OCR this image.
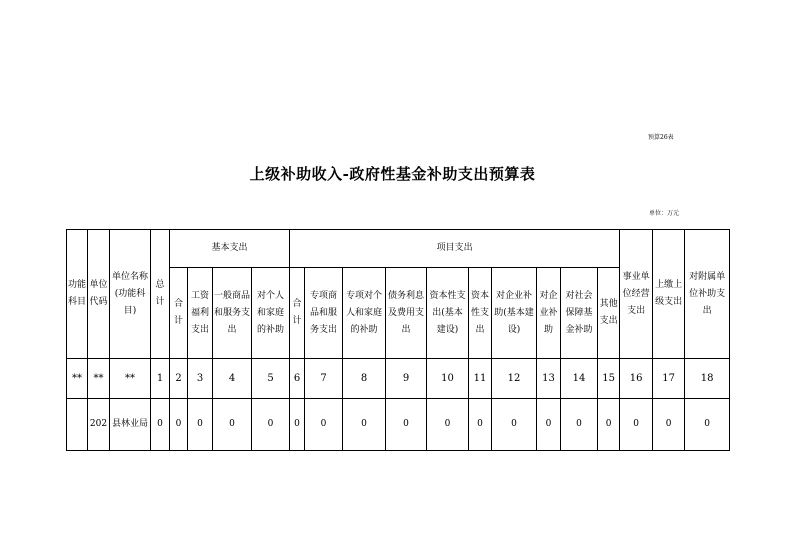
预算26表
上级补助收入-政府性基金补助支出预算表
单位：万元
功能科目	单位代码	单位名称(功能科目)	总计	基本支出				项目支出										事业单位经营支出	上缴上级支出	对附属单位补助支出
				合计	工资福利支出	一般商品和服务支出	对个人和家庭的补助	合计	专项商品和服务支出	专项对个人和家庭的补助	债务利息及费用支出	资本性支出(基本建设)	资本性支出	对企业补助(基本建设)	对企业补助	对社会保障基金补助	其他支出			
**	**	**	1	2	3	4	5	6	7	8	9	10	11	12	13	14	15	16	17	18
	202	县林业局	0	0	0	0	0	0	0	0	0	0	0	0	0	0	0	0	0	0
